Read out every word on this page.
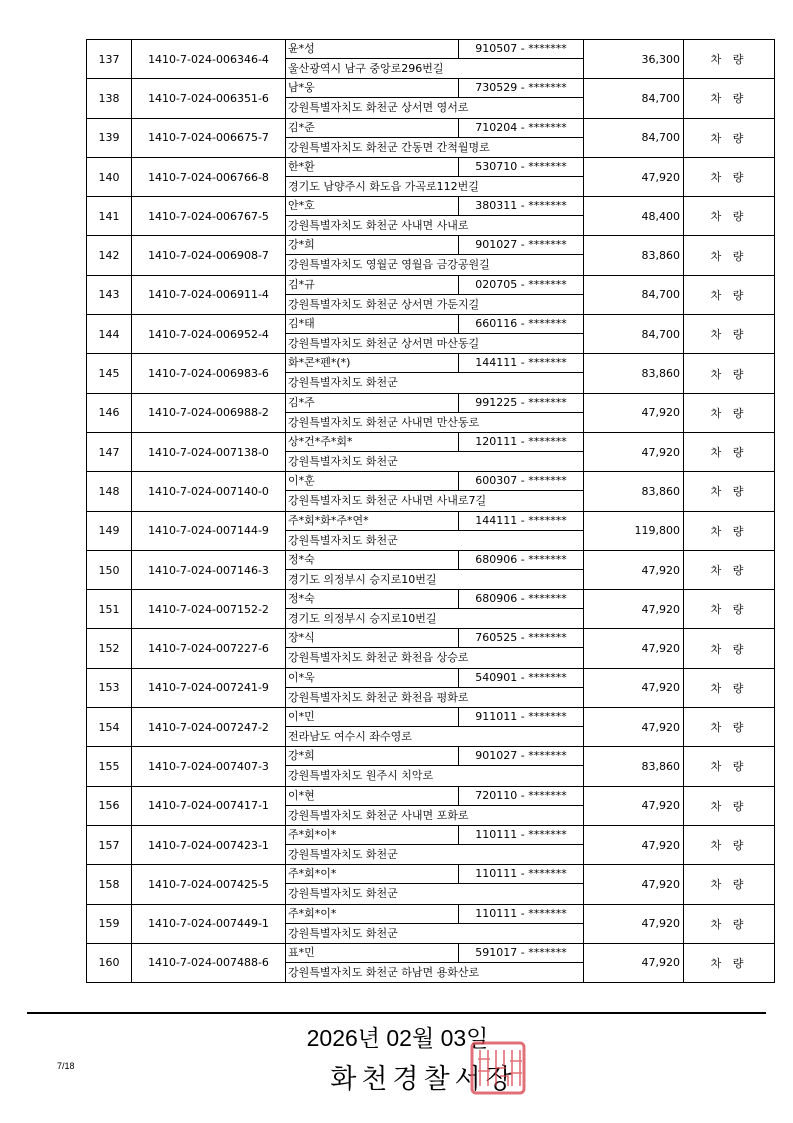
137	1410-7-024-006346-4	윤*성 910507 - *******
울산광역시 남구 중앙로296번길	36,300	차 량
138	1410-7-024-006351-6	남*웅 730529 - *******
강원특별자치도 화천군 상서면 영서로	84,700	차 량
139	1410-7-024-006675-7	김*준 710204 - *******
강원특별자치도 화천군 간동면 간척월명로	84,700	차 량
140	1410-7-024-006766-8	한*환 530710 - *******
경기도 남양주시 화도읍 가곡로112번길	47,920	차 량
141	1410-7-024-006767-5	안*호 380311 - *******
강원특별자치도 화천군 사내면 사내로	48,400	차 량
142	1410-7-024-006908-7	강*희 901027 - *******
강원특별자치도 영월군 영월읍 금강공원길	83,860	차 량
143	1410-7-024-006911-4	김*규 020705 - *******
강원특별자치도 화천군 상서면 가둔지길	84,700	차 량
144	1410-7-024-006952-4	김*태 660116 - *******
강원특별자치도 화천군 상서면 마산동길	84,700	차 량
145	1410-7-024-006983-6	화*콘*펜*(*) 144111 - *******
강원특별자치도 화천군	83,860	차 량
146	1410-7-024-006988-2	김*주 991225 - *******
강원특별자치도 화천군 사내면 만산동로	47,920	차 량
147	1410-7-024-007138-0	상*건*주*회* 120111 - *******
강원특별자치도 화천군	47,920	차 량
148	1410-7-024-007140-0	이*훈 600307 - *******
강원특별자치도 화천군 사내면 사내로7길	83,860	차 량
149	1410-7-024-007144-9	주*회*화*주*연* 144111 - *******
강원특별자치도 화천군	119,800	차 량
150	1410-7-024-007146-3	정*숙 680906 - *******
경기도 의정부시 승지로10번길	47,920	차 량
151	1410-7-024-007152-2	정*숙 680906 - *******
경기도 의정부시 승지로10번길	47,920	차 량
152	1410-7-024-007227-6	장*식 760525 - *******
강원특별자치도 화천군 화천읍 상승로	47,920	차 량
153	1410-7-024-007241-9	이*욱 540901 - *******
강원특별자치도 화천군 화천읍 평화로	47,920	차 량
154	1410-7-024-007247-2	이*민 911011 - *******
전라남도 여수시 좌수영로	47,920	차 량
155	1410-7-024-007407-3	강*희 901027 - *******
강원특별자치도 원주시 치악로	83,860	차 량
156	1410-7-024-007417-1	이*현 720110 - *******
강원특별자치도 화천군 사내면 포화로	47,920	차 량
157	1410-7-024-007423-1	주*회*이* 110111 - *******
강원특별자치도 화천군	47,920	차 량
158	1410-7-024-007425-5	주*회*이* 110111 - *******
강원특별자치도 화천군	47,920	차 량
159	1410-7-024-007449-1	주*회*이* 110111 - *******
강원특별자치도 화천군	47,920	차 량
160	1410-7-024-007488-6	표*민 591017 - *******
강원특별자치도 화천군 하남면 용화산로	47,920	차 량
2026년 02월 03일
화천경찰서장
7/18
